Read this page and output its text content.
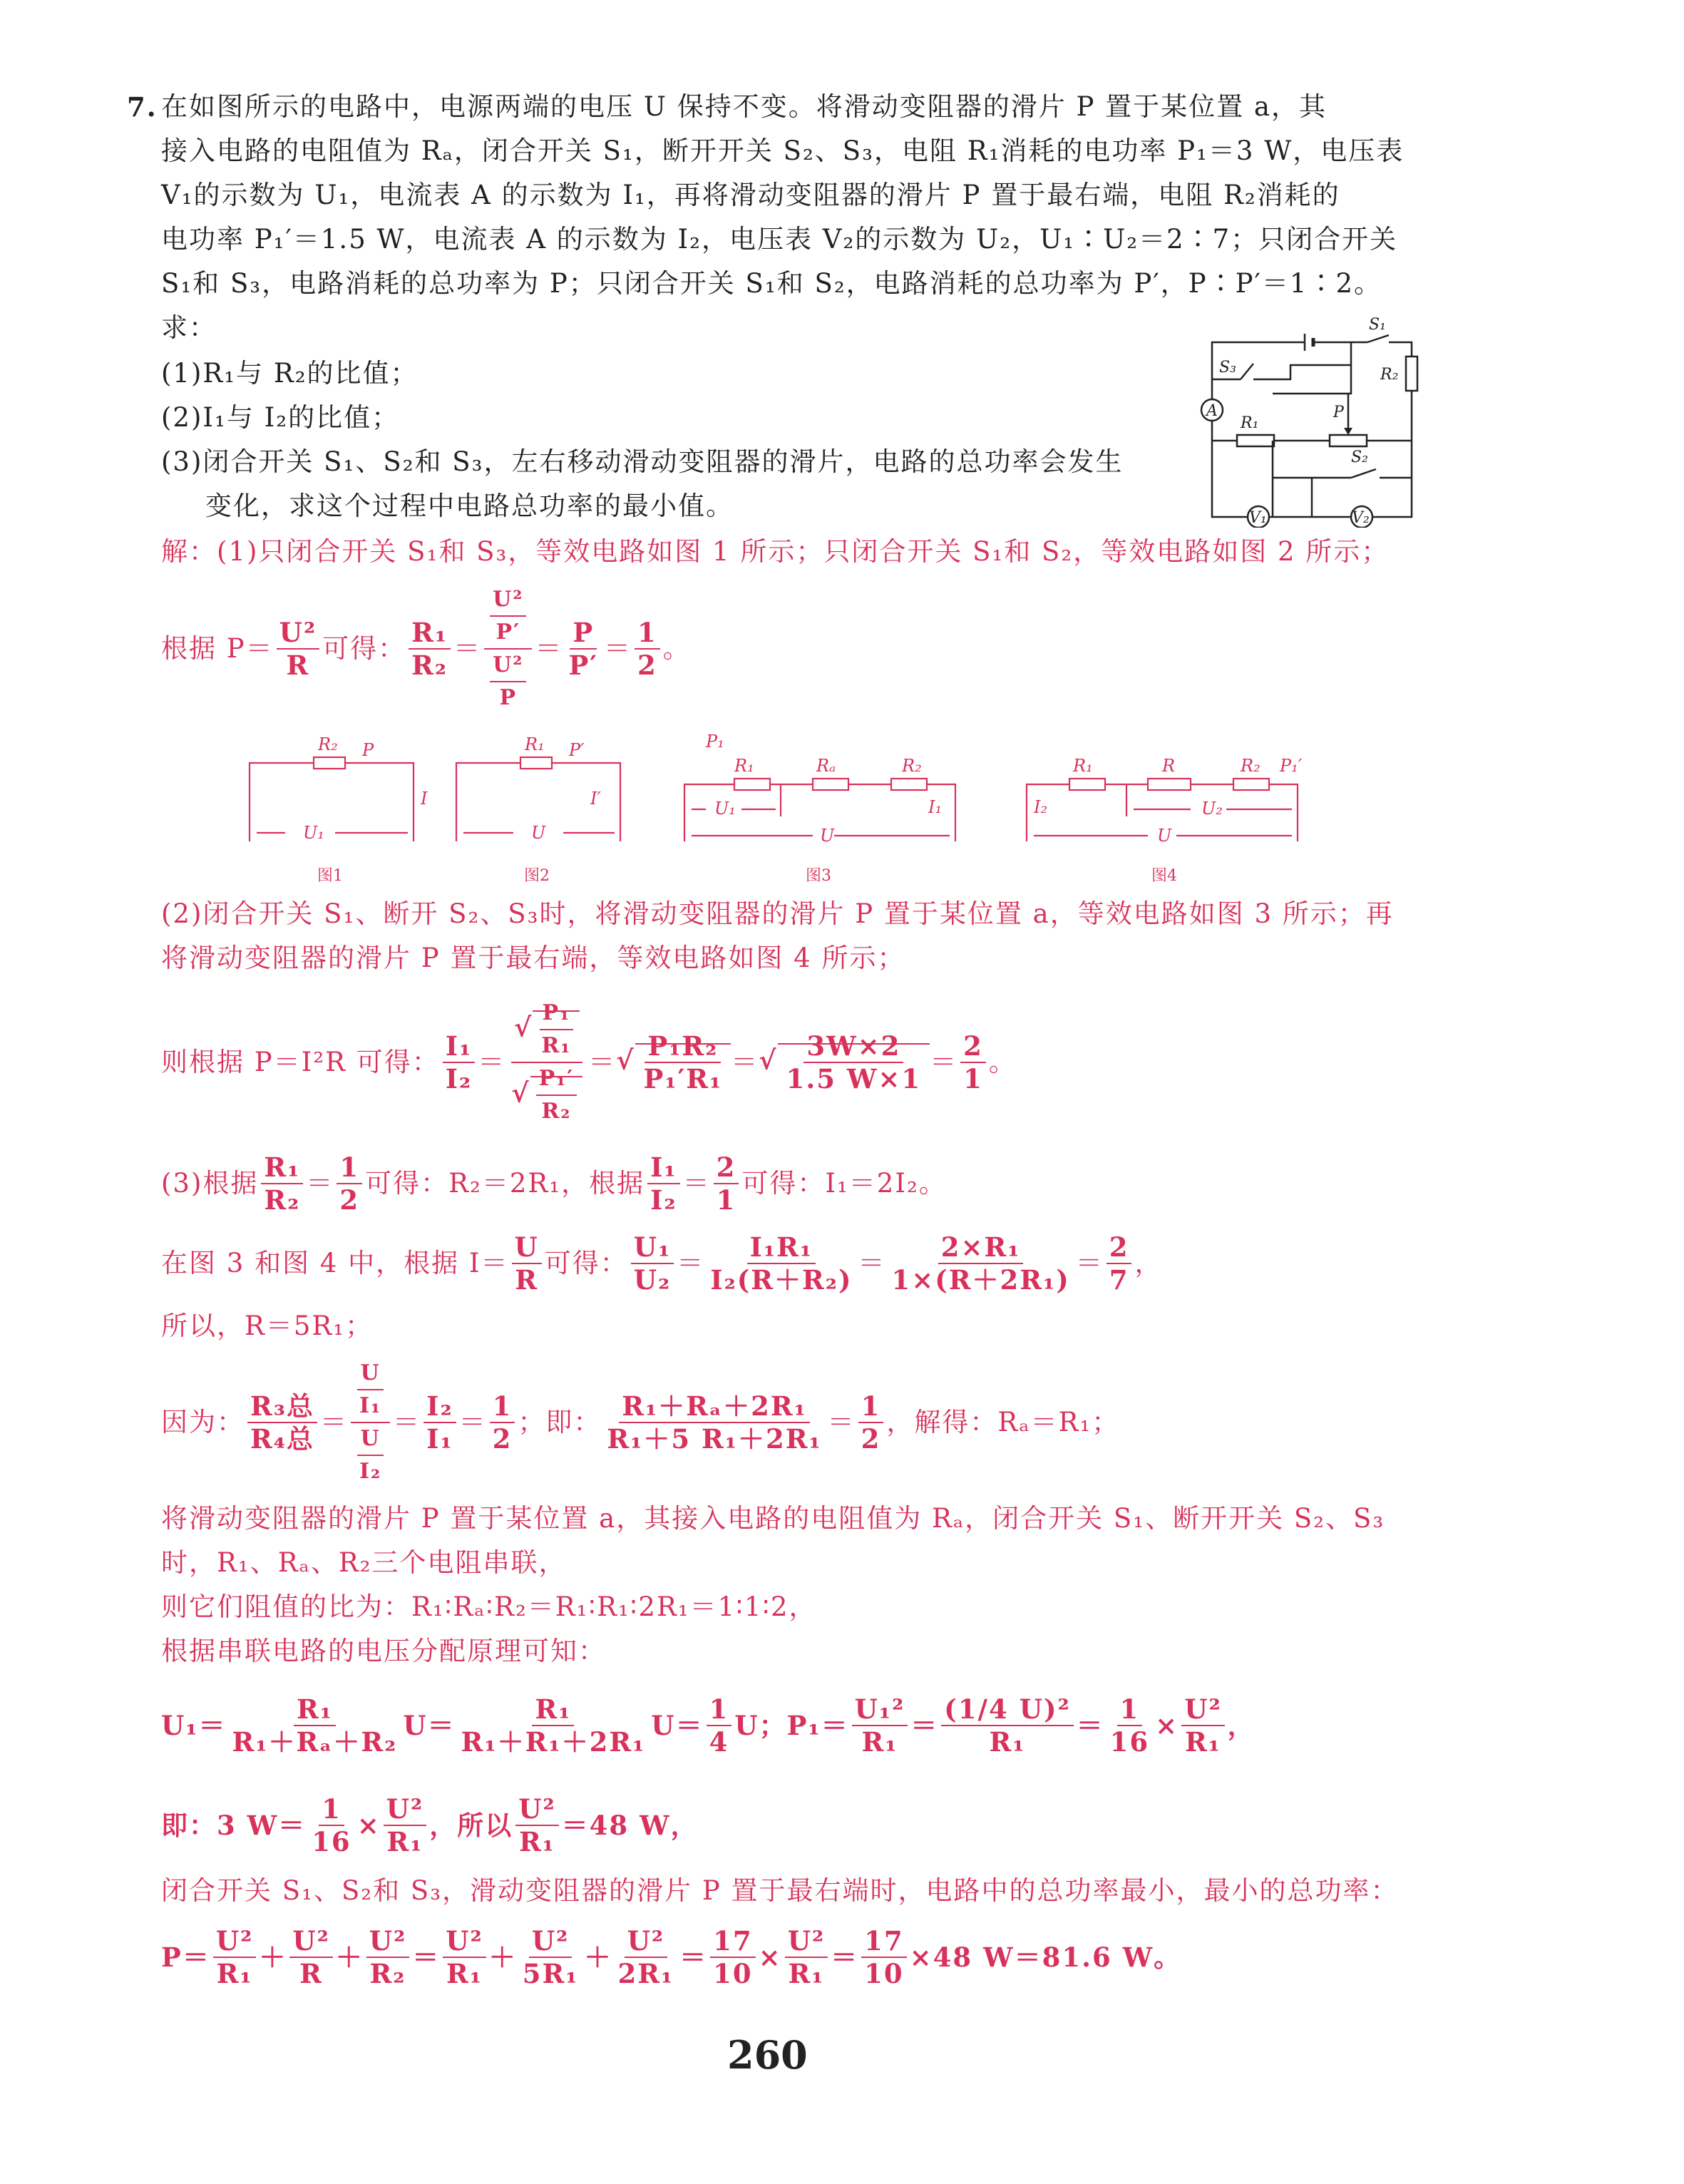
7. 在如图所示的电路中，电源两端的电压 U 保持不变。将滑动变阻器的滑片 P 置于某位置 a，其
接入电路的电阻值为 Rₐ，闭合开关 S₁，断开开关 S₂、S₃，电阻 R₁消耗的电功率 P₁＝3 W，电压表
V₁的示数为 U₁，电流表 A 的示数为 I₁，再将滑动变阻器的滑片 P 置于最右端，电阻 R₂消耗的
电功率 P₁′＝1.5 W，电流表 A 的示数为 I₂，电压表 V₂的示数为 U₂，U₁∶U₂＝2∶7；只闭合开关
S₁和 S₃，电路消耗的总功率为 P；只闭合开关 S₁和 S₂，电路消耗的总功率为 P′，P∶P′＝1∶2。
求：
(1)R₁与 R₂的比值；
(2)I₁与 I₂的比值；
(3)闭合开关 S₁、S₂和 S₃，左右移动滑动变阻器的滑片，电路的总功率会发生
变化，求这个过程中电路总功率的最小值。
S₁
S₃	R₂
A
R₁
P
S₂
V₁	V₂
解：(1)只闭合开关 S₁和 S₃，等效电路如图 1 所示；只闭合开关 S₁和 S₂，等效电路如图 2 所示；
根据 P＝
U²
R
可得：
R₁
R₂
＝
$\frac{\text{U²}}{P'}$
$\frac{\text{U²}}{P}$
＝
P
P′
＝
1
2
。
R₂ P
I
U₁
R₁ P′
I′
U
P₁
R₁	Rₐ	R₂
U₁	I₁
U
R₁	R	R₂ P₁′
I₂	U₂
U
图1	图2	图3	图4
(2)闭合开关 S₁、断开 S₂、S₃时，将滑动变阻器的滑片 P 置于某位置 a，等效电路如图 3 所示；再
将滑动变阻器的滑片 P 置于最右端，等效电路如图 4 所示；
则根据 P＝I²R 可得：
I₁
I₂
＝
√ $\frac{\text{P₁}}{\text{R₁}}$
√ $\frac{\text{P₁′}}{\text{R₂}}$
＝ √ $\frac{\text{P₁R₂}}{\text{P₁′R₁}}$ ＝ √ $\frac{3W\times 2}{1.5 W\times 1}$ ＝
2
1
。
(3)根据
R₁
R₂
＝
1
2
可得：R₂＝2R₁，根据
I₁
I₂
＝
2
1
可得：I₁＝2I₂。
在图 3 和图 4 中，根据 I＝
U
R
可得：
U₁
U₂
＝
I₁R₁
I₂(R＋R₂)
＝
2×R₁
1×(R＋2R₁)
＝
2
7
，
所以，R＝5R₁；
因为：
R₃总
R₄总
＝
$\frac{U}{\text{I₁}}$
$\frac{U}{\text{I₂}}$
＝
I₂
I₁
＝
1
2
；即：
R₁＋Rₐ＋2R₁
R₁＋5 R₁＋2R₁
＝
1
2
，解得：Rₐ＝R₁；
将滑动变阻器的滑片 P 置于某位置 a，其接入电路的电阻值为 Rₐ，闭合开关 S₁、断开开关 S₂、S₃
时，R₁、Rₐ、R₂三个电阻串联，
则它们阻值的比为：R₁∶Rₐ∶R₂＝R₁∶R₁∶2R₁＝1∶1∶2，
根据串联电路的电压分配原理可知：
U₁＝
R₁
R₁＋Rₐ＋R₂
U ＝
R₁
R₁＋R₁＋2R₁
U ＝
1
4
U；P₁＝
U₁²
R₁
＝
(1/4 U)²
R₁
＝
1
16
×
U²
R₁
，
即：3 W＝
1
16
×
U²
R₁
，所以
U²
R₁
＝48 W，
闭合开关 S₁、S₂和 S₃，滑动变阻器的滑片 P 置于最右端时，电路中的总功率最小，最小的总功率：
P＝
U²
R₁
＋
U²
R
＋
U²
R₂
＝
U²
R₁
＋
U²
5R₁
＋
U²
2R₁
＝
17
10
×
U²
R₁
＝ $\frac{17}{10} \times 48$ W＝81.6 W。
260
